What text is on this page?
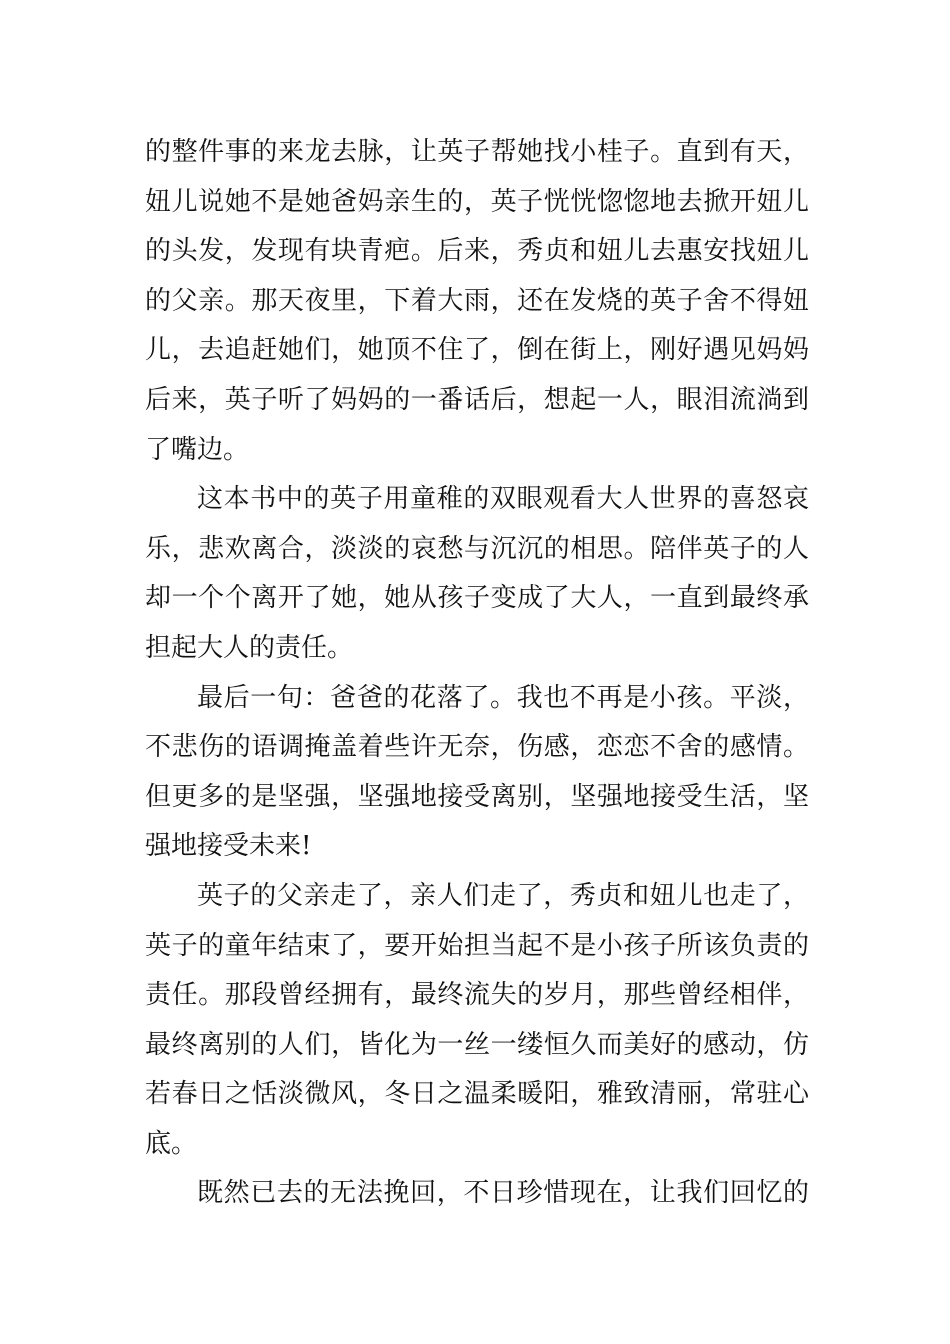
的整件事的来龙去脉，让英子帮她找小桂子。直到有天，
妞儿说她不是她爸妈亲生的，英子恍恍惚惚地去掀开妞儿
的头发，发现有块青疤。后来，秀贞和妞儿去惠安找妞儿
的父亲。那天夜里，下着大雨，还在发烧的英子舍不得妞
儿，去追赶她们，她顶不住了，倒在街上，刚好遇见妈妈
后来，英子听了妈妈的一番话后，想起一人，眼泪流淌到
了嘴边。
这本书中的英子用童稚的双眼观看大人世界的喜怒哀
乐，悲欢离合，淡淡的哀愁与沉沉的相思。陪伴英子的人
却一个个离开了她，她从孩子变成了大人，一直到最终承
担起大人的责任。
最后一句：爸爸的花落了。我也不再是小孩。平淡，
不悲伤的语调掩盖着些许无奈，伤感，恋恋不舍的感情。
但更多的是坚强，坚强地接受离别，坚强地接受生活，坚
强地接受未来!
英子的父亲走了，亲人们走了，秀贞和妞儿也走了，
英子的童年结束了，要开始担当起不是小孩子所该负责的
责任。那段曾经拥有，最终流失的岁月，那些曾经相伴，
最终离别的人们，皆化为一丝一缕恒久而美好的感动，仿
若春日之恬淡微风，冬日之温柔暖阳，雅致清丽，常驻心
底。
既然已去的无法挽回，不日珍惜现在，让我们回忆的
